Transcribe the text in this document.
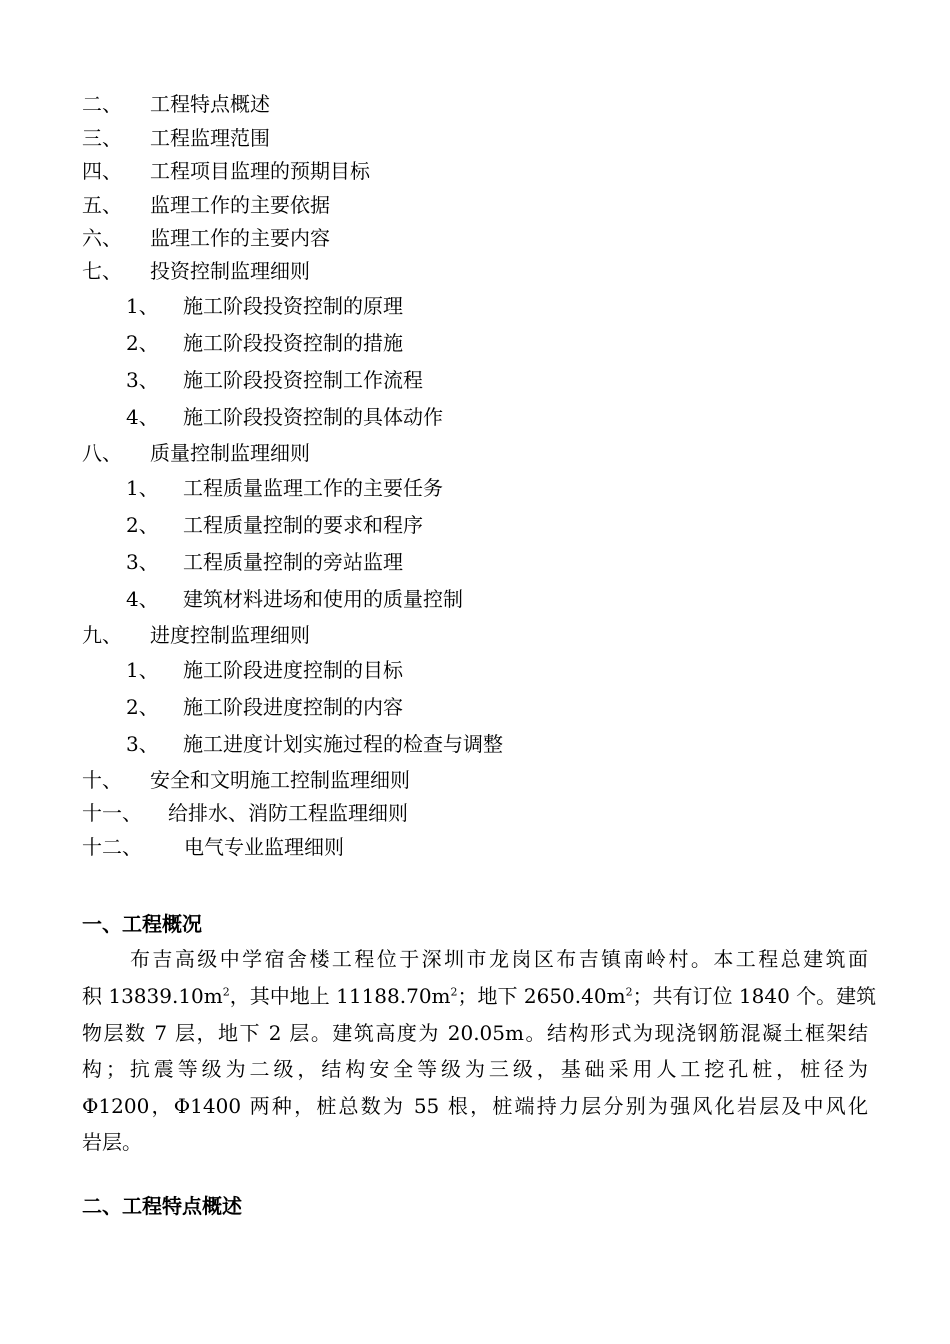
二、 工程特点概述
三、 工程监理范围
四、 工程项目监理的预期目标
五、 监理工作的主要依据
六、 监理工作的主要内容
七、 投资控制监理细则
1、 施工阶段投资控制的原理
2、 施工阶段投资控制的措施
3、 施工阶段投资控制工作流程
4、 施工阶段投资控制的具体动作
八、 质量控制监理细则
1、 工程质量监理工作的主要任务
2、 工程质量控制的要求和程序
3、 工程质量控制的旁站监理
4、 建筑材料进场和使用的质量控制
九、 进度控制监理细则
1、 施工阶段进度控制的目标
2、 施工阶段进度控制的内容
3、 施工进度计划实施过程的检查与调整
十、 安全和文明施工控制监理细则
十一、 给排水、消防工程监理细则
十二、 电气专业监理细则
一、工程概况
布吉高级中学宿舍楼工程位于深圳市龙岗区布吉镇南岭村。本工程总建筑面
积 $13839.10m^2$，其中地上 $11188.70m^2$；地下 $2650.40m^2$；共有订位 1840 个。建筑
物层数 7 层，地下 2 层。建筑高度为 20.05m。结构形式为现浇钢筋混凝土框架结
构；抗震等级为二级，结构安全等级为三级，基础采用人工挖孔桩，桩径为
Φ1200，Φ1400 两种，桩总数为 55 根，桩端持力层分别为强风化岩层及中风化
岩层。
二、工程特点概述
